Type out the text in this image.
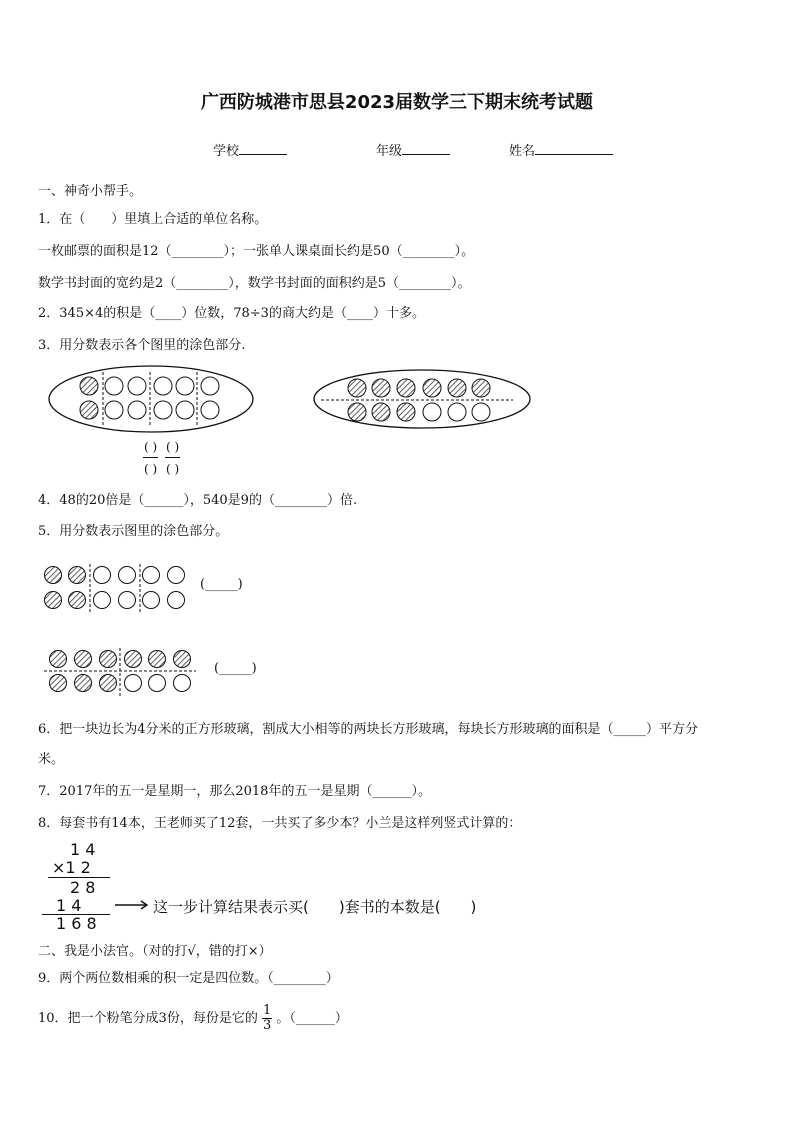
广西防城港市思县2023届数学三下期末统考试题
学校	年级	姓名
一、神奇小帮手。
1．在（　　）里填上合适的单位名称。
一枚邮票的面积是12（________）；一张单人课桌面长约是50（________）。
数学书封面的宽约是2（________），数学书封面的面积约是5（________）。
2．345×4的积是（____）位数，78÷3的商大约是（____）十多。
3．用分数表示各个图里的涂色部分.
( ) ( )
( ) ( )
4．48的20倍是（______），540是9的（________）倍.
5．用分数表示图里的涂色部分。
(_____)
(_____)
6．把一块边长为4分米的正方形玻璃，割成大小相等的两块长方形玻璃，每块长方形玻璃的面积是（_____）平方分
米。
7．2017年的五一是星期一，那么2018年的五一是星期（______）。
8．每套书有14本，王老师买了12套，一共买了多少本？小兰是这样列竖式计算的：
1 4
×1 2
2 8
1 4
1 6 8
这一步计算结果表示买(　　)套书的本数是(　　)
二、我是小法官。（对的打√，错的打×）
9．两个两位数相乘的积一定是四位数。（________）
10．把一个粉笔分成3份，每份是它的 $\frac{1}{3}$ 。（______）
